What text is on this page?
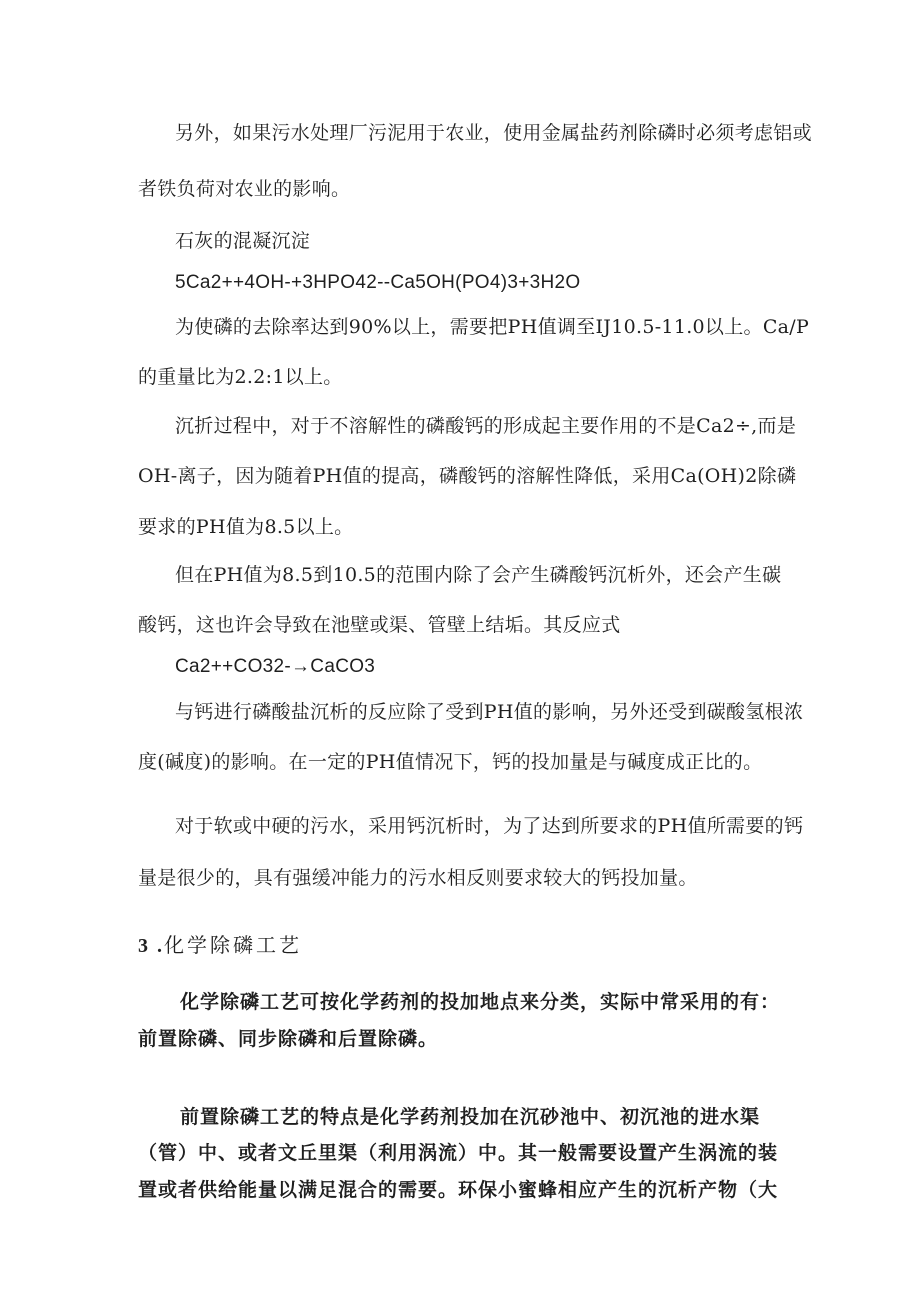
另外，如果污水处理厂污泥用于农业，使用金属盐药剂除磷时必须考虑铝或
者铁负荷对农业的影响。
石灰的混凝沉淀
5Ca2++4OH-+3HPO42--Ca5OH(PO4)3+3H2O
为使磷的去除率达到90%以上，需要把PH值调至IJ10.5-11.0以上。Ca/P
的重量比为2.2:1以上。
沉折过程中，对于不溶解性的磷酸钙的形成起主要作用的不是Ca2÷,而是
OH-离子，因为随着PH值的提高，磷酸钙的溶解性降低，采用Ca(OH)2除磷
要求的PH值为8.5以上。
但在PH值为8.5到10.5的范围内除了会产生磷酸钙沉析外，还会产生碳
酸钙，这也许会导致在池壁或渠、管壁上结垢。其反应式
Ca2++CO32-→CaCO3
与钙进行磷酸盐沉析的反应除了受到PH值的影响，另外还受到碳酸氢根浓
度(碱度)的影响。在一定的PH值情况下，钙的投加量是与碱度成正比的。
对于软或中硬的污水，采用钙沉析时，为了达到所要求的PH值所需要的钙
量是很少的，具有强缓冲能力的污水相反则要求较大的钙投加量。
3 .化学除磷工艺
化学除磷工艺可按化学药剂的投加地点来分类，实际中常采用的有：
前置除磷、同步除磷和后置除磷。
前置除磷工艺的特点是化学药剂投加在沉砂池中、初沉池的进水渠
（管）中、或者文丘里渠（利用涡流）中。其一般需要设置产生涡流的装
置或者供给能量以满足混合的需要。环保小蜜蜂相应产生的沉析产物（大
